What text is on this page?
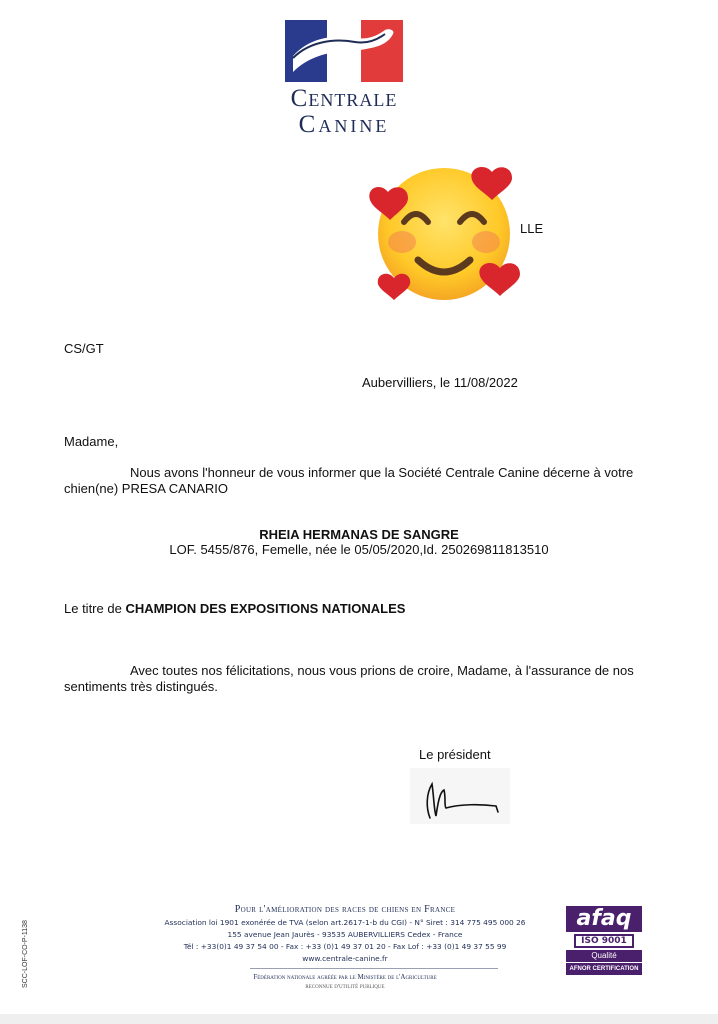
Centrale
Canine
LLE
CS/GT
Aubervilliers, le 11/08/2022
Madame,
Nous avons l'honneur de vous informer que la Société Centrale Canine décerne à votre
chien(ne) PRESA CANARIO
RHEIA HERMANAS DE SANGRE
LOF. 5455/876, Femelle, née le 05/05/2020,Id. 250269811813510
Le titre de CHAMPION DES EXPOSITIONS NATIONALES
Avec toutes nos félicitations, nous vous prions de croire, Madame, à l'assurance de nos
sentiments très distingués.
Le président
Pour l'amélioration des races de chiens en France
Association loi 1901 exonérée de TVA (selon art.2617-1-b du CGI) - N° Siret : 314 775 495 000 26
155 avenue Jean Jaurès - 93535 AUBERVILLIERS Cedex - France
Tél : +33(0)1 49 37 54 00 - Fax : +33 (0)1 49 37 01 20 - Fax Lof : +33 (0)1 49 37 55 99
www.centrale-canine.fr
Fédération nationale agréée par le Ministère de l'Agriculture
reconnue d'utilité publique
SCC-LOF-CO-P-1138
afaq
ISO 9001
Qualité
AFNOR CERTIFICATION
